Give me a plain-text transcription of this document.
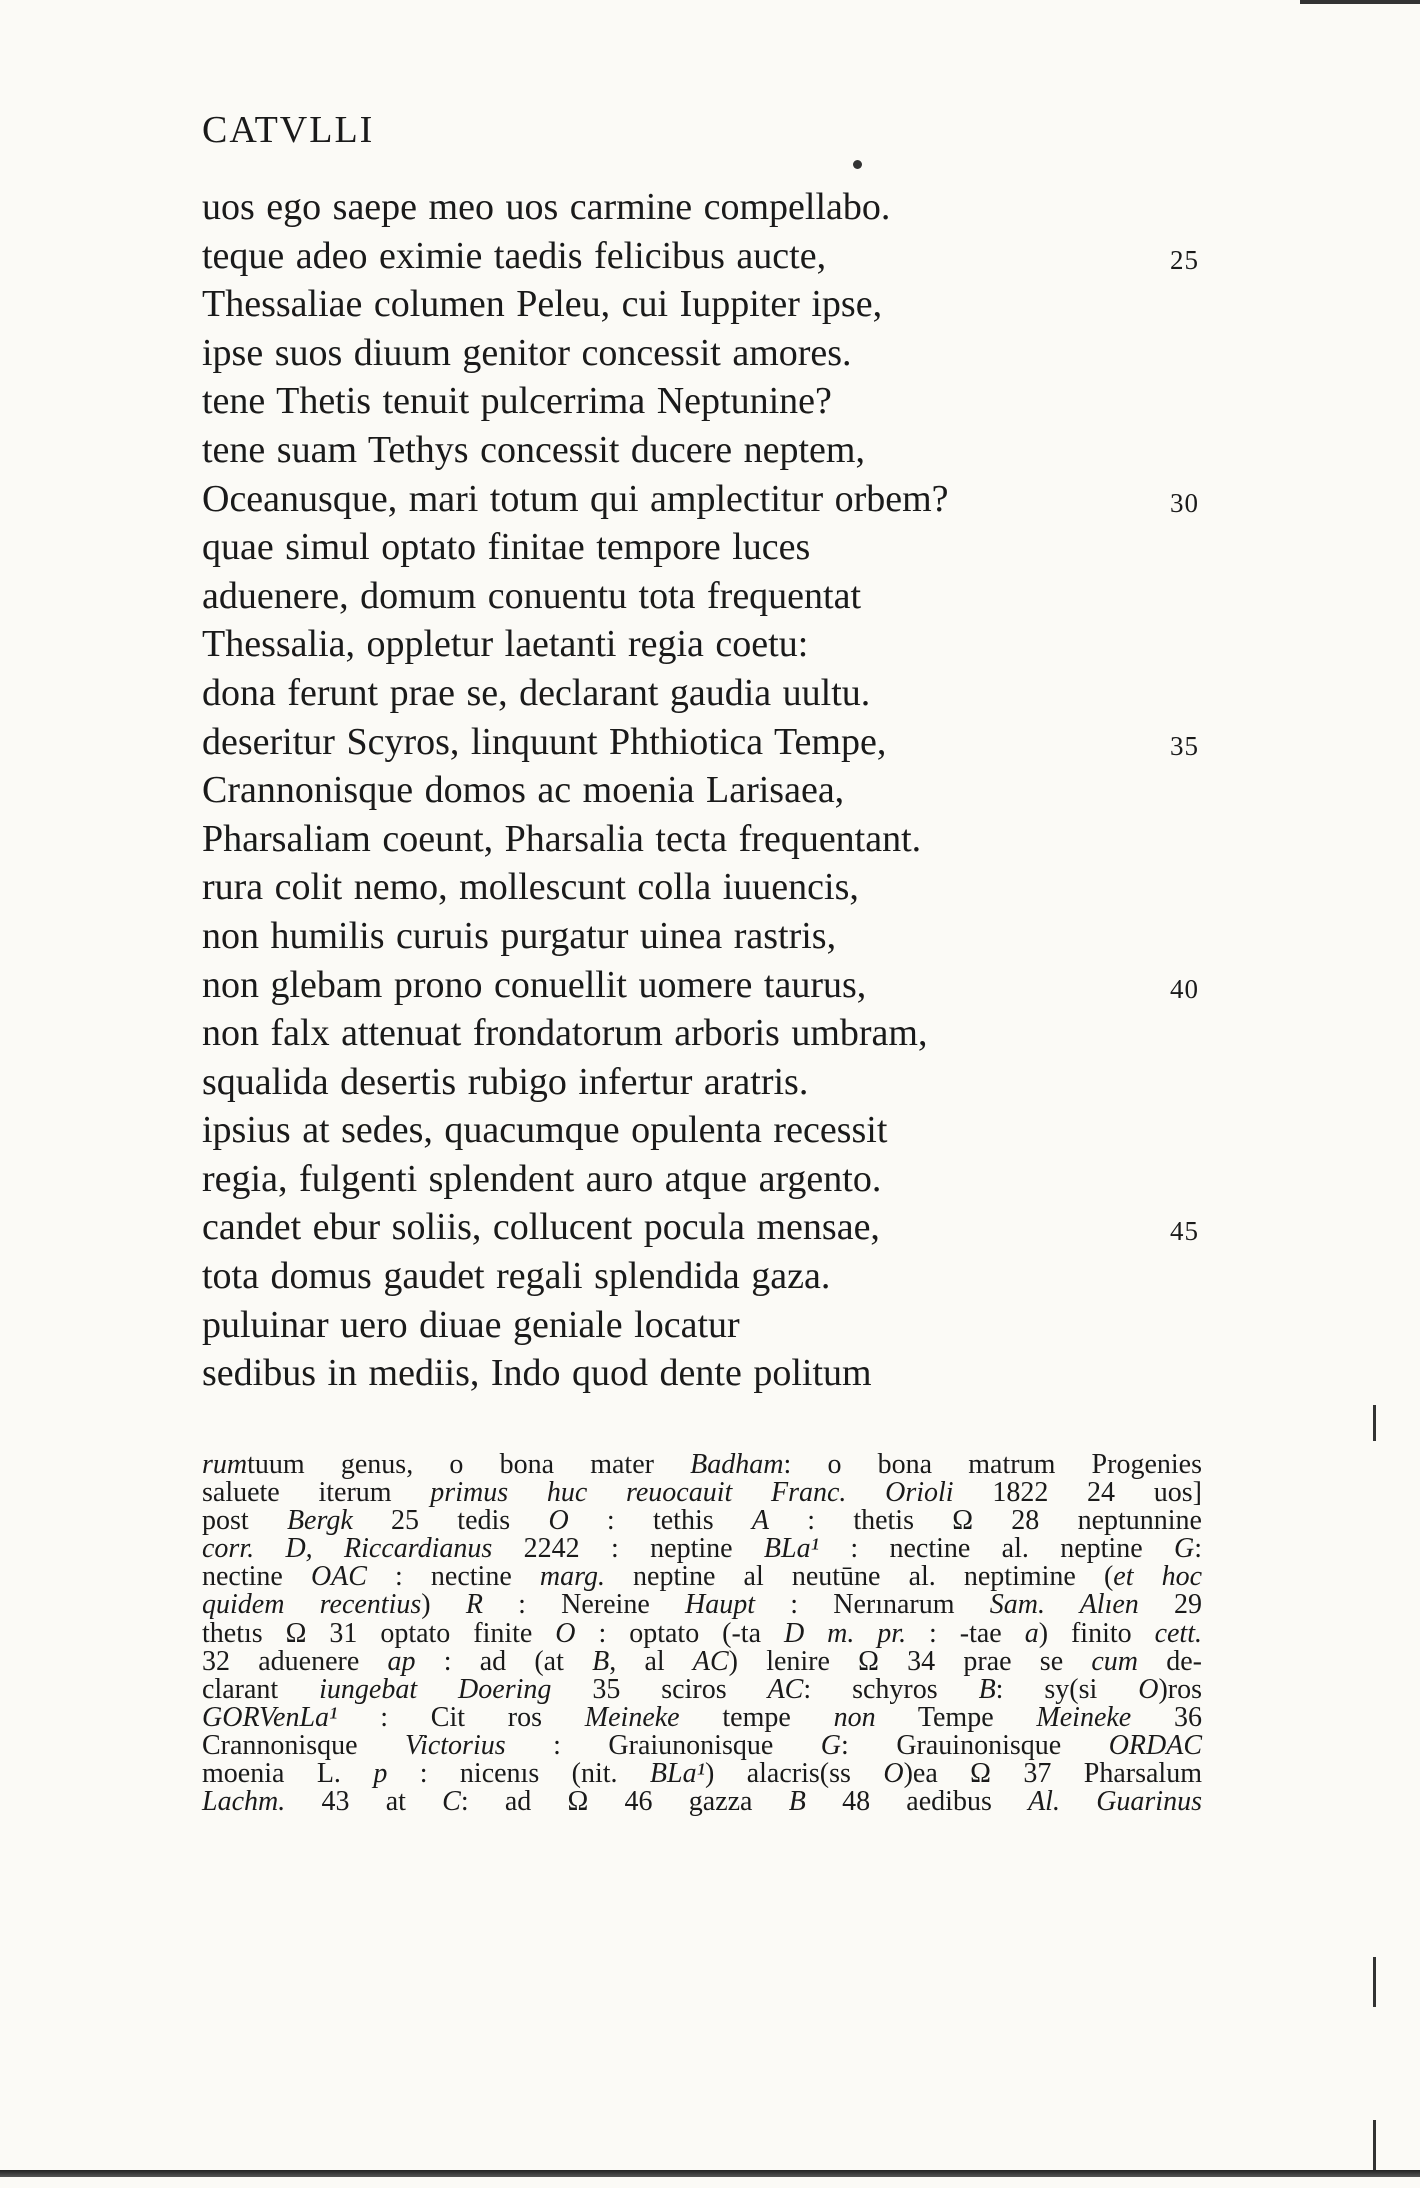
CATVLLI
uos ego saepe meo uos carmine compellabo.
teque adeo eximie taedis felicibus aucte,	25
Thessaliae columen Peleu, cui Iuppiter ipse,
ipse suos diuum genitor concessit amores.
tene Thetis tenuit pulcerrima Neptunine?
tene suam Tethys concessit ducere neptem,
Oceanusque, mari totum qui amplectitur orbem?	30
quae simul optato finitae tempore luces
aduenere, domum conuentu tota frequentat
Thessalia, oppletur laetanti regia coetu:
dona ferunt prae se, declarant gaudia uultu.
deseritur Scyros, linquunt Phthiotica Tempe,	35
Crannonisque domos ac moenia Larisaea,
Pharsaliam coeunt, Pharsalia tecta frequentant.
rura colit nemo, mollescunt colla iuuencis,
non humilis curuis purgatur uinea rastris,
non glebam prono conuellit uomere taurus,	40
non falx attenuat frondatorum arboris umbram,
squalida desertis rubigo infertur aratris.
ipsius at sedes, quacumque opulenta recessit
regia, fulgenti splendent auro atque argento.
candet ebur soliis, collucent pocula mensae,	45
tota domus gaudet regali splendida gaza.
puluinar uero diuae geniale locatur
sedibus in mediis, Indo quod dente politum
rumtuum genus, o bona mater Badham: o bona matrum Progenies
saluete iterum primus huc reuocauit Franc. Orioli 1822 24 uos]
post Bergk 25 tedis O : tethis A : thetis Ω 28 neptunnine
corr. D, Riccardianus 2242 : neptine BLa¹ : nectine al. neptine G:
nectine OAC : nectine marg. neptine al neutūne al. neptimine (et hoc
quidem recentius) R : Nereine Haupt : Nerınarum Sam. Alıen 29
thetıs Ω 31 optato finite O : optato (-ta D m. pr. : -tae a) finito cett.
32 aduenere ap : ad (at B, al AC) lenire Ω 34 prae se cum de-
clarant iungebat Doering 35 sciros AC: schyros B: sy(si O)ros
GORVenLa¹ : Cit ros Meineke tempe non Tempe Meineke 36
Crannonisque Victorius : Graiunonisque G: Grauinonisque ORDAC
moenia L. p : nicenıs (nit. BLa¹) alacris(ss O)ea Ω 37 Pharsalum
Lachm. 43 at C: ad Ω 46 gazza B 48 aedibus Al. Guarinus
